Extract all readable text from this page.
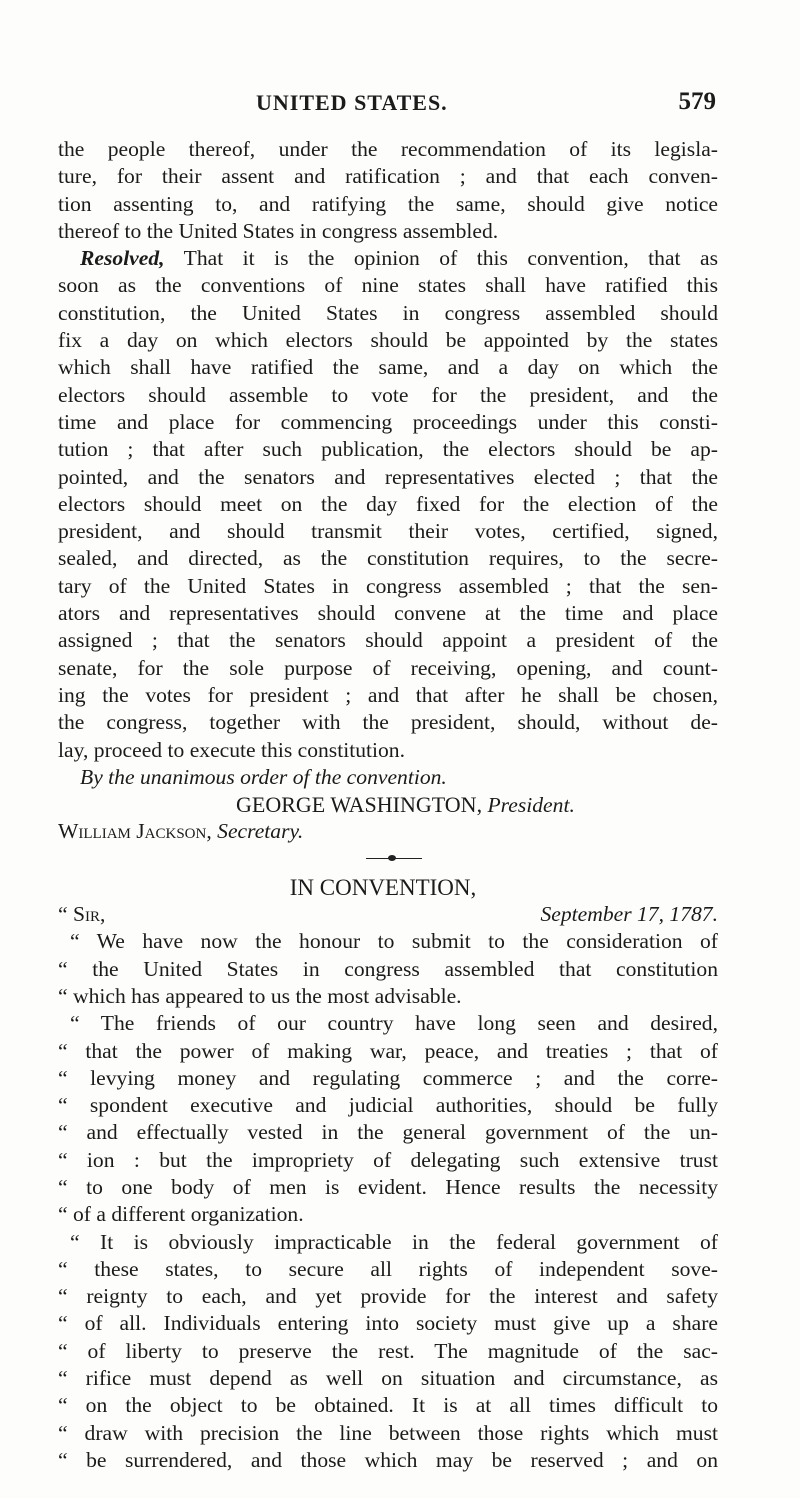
UNITED STATES.	579
the people thereof, under the recommendation of its legisla-
ture, for their assent and ratification ; and that each conven-
tion assenting to, and ratifying the same, should give notice
thereof to the United States in congress assembled.
Resolved, That it is the opinion of this convention, that as
soon as the conventions of nine states shall have ratified this
constitution, the United States in congress assembled should
fix a day on which electors should be appointed by the states
which shall have ratified the same, and a day on which the
electors should assemble to vote for the president, and the
time and place for commencing proceedings under this consti-
tution ; that after such publication, the electors should be ap-
pointed, and the senators and representatives elected ; that the
electors should meet on the day fixed for the election of the
president, and should transmit their votes, certified, signed,
sealed, and directed, as the constitution requires, to the secre-
tary of the United States in congress assembled ; that the sen-
ators and representatives should convene at the time and place
assigned ; that the senators should appoint a president of the
senate, for the sole purpose of receiving, opening, and count-
ing the votes for president ; and that after he shall be chosen,
the congress, together with the president, should, without de-
lay, proceed to execute this constitution.
By the unanimous order of the convention.
GEORGE WASHINGTON, President.
William Jackson, Secretary.
IN CONVENTION,
“ Sir,	September 17, 1787.
“ We have now the honour to submit to the consideration of
“ the United States in congress assembled that constitution
“ which has appeared to us the most advisable.
“ The friends of our country have long seen and desired,
“ that the power of making war, peace, and treaties ; that of
“ levying money and regulating commerce ; and the corre-
“ spondent executive and judicial authorities, should be fully
“ and effectually vested in the general government of the un-
“ ion : but the impropriety of delegating such extensive trust
“ to one body of men is evident. Hence results the necessity
“ of a different organization.
“ It is obviously impracticable in the federal government of
“ these states, to secure all rights of independent sove-
“ reignty to each, and yet provide for the interest and safety
“ of all. Individuals entering into society must give up a share
“ of liberty to preserve the rest. The magnitude of the sac-
“ rifice must depend as well on situation and circumstance, as
“ on the object to be obtained. It is at all times difficult to
“ draw with precision the line between those rights which must
“ be surrendered, and those which may be reserved ; and on
